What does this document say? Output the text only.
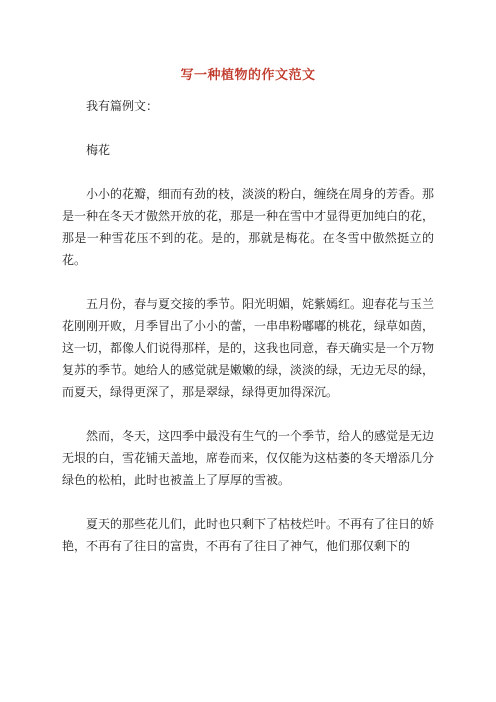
写一种植物的作文范文

我有篇例文：

梅花

小小的花瓣，细而有劲的枝，淡淡的粉白，缠绕在周身的芳香。那是一种在冬天才傲然开放的花，那是一种在雪中才显得更加纯白的花，那是一种雪花压不到的花。是的，那就是梅花。在冬雪中傲然挺立的花。

五月份，春与夏交接的季节。阳光明媚，姹紫嫣红。迎春花与玉兰花刚刚开败，月季冒出了小小的蕾，一串串粉嘟嘟的桃花，绿草如茵，这一切，都像人们说得那样，是的，这我也同意，春天确实是一个万物复苏的季节。她给人的感觉就是嫩嫩的绿，淡淡的绿，无边无尽的绿，而夏天，绿得更深了，那是翠绿，绿得更加得深沉。

然而，冬天，这四季中最没有生气的一个季节，给人的感觉是无边无垠的白，雪花铺天盖地，席卷而来，仅仅能为这枯萎的冬天增添几分绿色的松柏，此时也被盖上了厚厚的雪被。

夏天的那些花儿们，此时也只剩下了枯枝烂叶。不再有了往日的娇艳，不再有了往日的富贵，不再有了往日了神气，他们那仅剩下的
